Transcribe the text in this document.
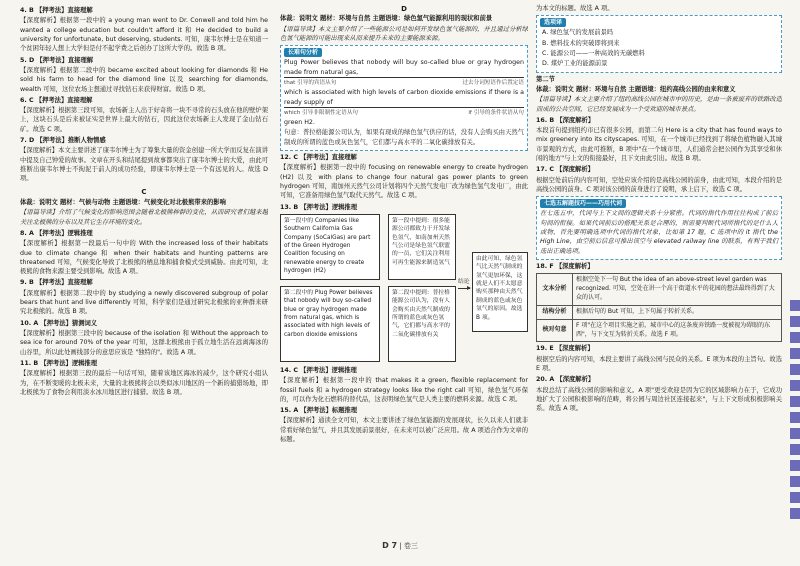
4. B 【押考法】直接理解

【深度解析】根据第一段中的 a young man went to Dr. Conwell and told him he wanted a college education but couldn't afford it 和 He decided to build a university for unfortunate, but deserving, students. 可知，康韦尔博士是在知道一个贫困年轻人想上大学但是付不起学费之后创办了这所大学的。故选 B 项。

5. D 【押考法】直接理解

【深度解析】根据第二段中的 became excited about looking for diamonds 和 He sold his farm to head for the diamond line 以及 searching for diamonds, wealth 可知，这位农场主想通过寻找钻石来获得财富。故选 D 项。

6. C 【押考法】直接理解

【深度解析】根据第三段可知，农场新主人出于好奇将一块不寻常的石头放在他的壁炉架上，这块石头是后来被证实是世界上最大的钻石，因此这位农场新主人发现了金山钻石矿。故选 C 项。

7. D 【押考法】推断人物情感

【深度解析】本文主要讲述了康韦尔博士为了筹集大量的资金创建一所大学而反复在演讲中提及自己钟爱的故事。文章在开头和结尾提到故事都突出了康韦尔博士的大爱，由此可推断出康韦尔博士不拘泥于前人的成功经验，即康韦尔博士是一个有远见的人。故选 D 项。

C

体裁：说明文 题材：气候与动物 主题语境：气候变化对北极熊带来的影响

【语篇导读】介绍了气候变化的影响范围会随着北极熊种群的变化，从而研究者们越来越关注北极熊的分布以及其它生存环境的变化。

8. A 【押考法】逻辑推理

【深度解析】根据第一段最后一句中的 With the increased loss of their habitats due to climate change 和 when their habitats and hunting patterns are threatened 可知，气候变化导致了北极熊的栖息地和捕食模式受到威胁。由此可知，北极熊的食物来源主要受到影响。故选 A 项。

9. B 【押考法】直接理解

【深度解析】根据第二段中的 by studying a newly discovered subgroup of polar bears that hunt and live differently 可知，科学家们是通过研究北极熊的亚种群来研究北极熊的。故选 B 项。

10. A 【押考法】猜测词义

【深度解析】根据第三段中的 because of the isolation 和 Without the approach to sea ice for around 70% of the year 可知，这群北极熊由于孤立地生活在远离海冰的山谷里，所以此处画线部分的意思应该是 "独特的"。故选 A 项。

11. B 【押考法】逻辑推理

【深度解析】根据第三段的最后一句话可知，随着该地区海冰的减少，这个研究小组认为，在不断变暖的北极未来，大量的北极熊将会以类似冰川地区的一个新的捕猎场地，即北极熊为了食物会利用淡水冰川地区进行捕猎。故选 B 项。

D

体裁：说明文 题材：环境与自然 主题语境：绿色氢气能源利用的现状和前景

【语篇导读】本文主要介绍了一些能源公司是如何开发绿色氢气能源的，并且通过分析绿色氢气能源的可能出现来从而来提升未来的主要能源来源。

长难句分析

Plug Power believes that nobody will buy so-called blue or gray hydrogen made from natural gas,

that 引导的宾语从句	过去分词短语作后置定语

which is associated with high levels of carbon dioxide emissions if there is a ready supply of

which 引导非限制性定语从句	if 引导的条件状语从句

green H2.

句意：普拉格能源公司认为，如果有现成的绿色氢气供应的话，没有人会购买由天然气制成的所谓的蓝色或灰色氢气，它们都与高水平的二氧化碳排放有关。

12. C 【押考法】直接理解

【深度解析】根据第一段中的 focusing on renewable energy to create hydrogen (H2) 以及 with plans to change four natural gas power plants to green hydrogen 可知，南加州天然气公司计划将四个天然气发电厂改为绿色氢气发电厂，由此可知，它准备用绿色氢气取代天然气。故选 C 项。

13. B 【押考法】逻辑推理

第一段中的 Companies like Southern California Gas Company (SoCalGas) are part of the Green Hydrogen Coalition focusing on renewable energy to create hydrogen (H2)
第一段中提到：很多能源公司都致力于开发绿色氢气，如南加州天然气公司是绿色氢气联盟的一员，它们关注利用可再生能源来制造氢气
第二段中的 Plug Power believes that nobody will buy so-called blue or gray hydrogen made from natural gas, which is associated with high levels of carbon dioxide emissions
第二段中提到：普拉格能源公司认为，没有人会购买由天然气制成的所谓的蓝色或灰色氢气，它们都与高水平的二氧化碳排放有关
结论
由此可知，绿色氢气比天然气制成的氢气更加环保，这就是人们不太愿意购买那种由天然气制成的蓝色或灰色氢气的原因。故选 B 项。

14. C 【押考法】逻辑推理

【深度解析】根据第一段中的 that makes it a green, flexible replacement for fossil fuels 和 a hydrogen strategy looks like the right call 可知，绿色氢气环保的，可以作为化石燃料的替代品，这表明绿色氢气是人类主要的燃料来源。故选 C 项。

15. A 【押考法】标题推理

【深度解析】通读全文可知，本文主要讲述了绿色氢能源的发展现状，长久以来人们就非常看好绿色氢气，并且其发展前景很好，在未来可以被广泛应用。故 A 项适合作为文章的标题。

为本文的标题。故选 A 项。

选项译

A. 绿色氢气的发展前景吗

B. 燃料技术的突破即将到来

C. 能源公司——一种高效的无碳燃料

D. 煤炉工业的能源前景

第二节

体裁：说明文 题材：环境与自然 主题语境：纽约高线公园的由来和意义

【语篇导读】本文主要介绍了纽约高线公园在城市中的历史，是由一条被废弃的铁路改造而成的公共空间，它已经发展成为一个受欢迎的城市景点。

16. B 【深度解析】

本段首句提到纽约市已有很多公园，而第二句 Here is a city that has found ways to mix greenery into its cityscapes. 可知，在一个城市已经找到了将绿色植物融入其城市景观的方式，由此可推断，B 项中"在一个城市里，人们通常会把公园作为其享受和休闲的地方"与上文的衔接最好，且下文由此引出。故选 B 项。

17. C 【深度解析】

根据空处前后的内容可知，空处应该介绍的是高线公园的前身，由此可知，本段介绍的是高线公园的前身。C 项对该公园的前身进行了说明，承上启下，故选 C 项。

七选五解题技巧——巧用代词

在七选五中，代词与上下文间的逻辑关系十分紧密。代词的指代作用往往构成了前后句间的衔接。如果代词前后的搭配关系是合理的，则需要判断代词所指代的是什么人或物，首先要明确选项中代词的指代对象，比如第 17 题，C 选项中的 it 指代 the High Line，由空前后信息可推出该空与 elevated railway line 的联系，有利于我们选出正确选项。

18. F 【深度解析】

文本分析	根据空处下一句 But the idea of an above-street level garden was recognized. 可知，空处在讲一个高于街道水平的花园的想法最终得到了大众的认可。
结构分析	根据后句的 But 可知，上下句属于转折关系。
核对句意	F 项"在这个项目实施之前，城市中心的这条废弃铁路一度被视为碍眼的东西"，与下文互为转折关系。故选 F 项。

19. E 【深度解析】

根据空后的内容可知，本段主要讲了高线公园与民众的关系。E 项为本段的主旨句。故选 E 项。

20. A 【深度解析】

本段总结了高线公园的影响和意义。A 项"更受欢迎是因为它的区域影响力在于，它成功地扩大了公园积极影响的范畴，将公园与周边社区连接起来"，与上下文形成积极影响关系。故选 A 项。

D 7 | 卷三
